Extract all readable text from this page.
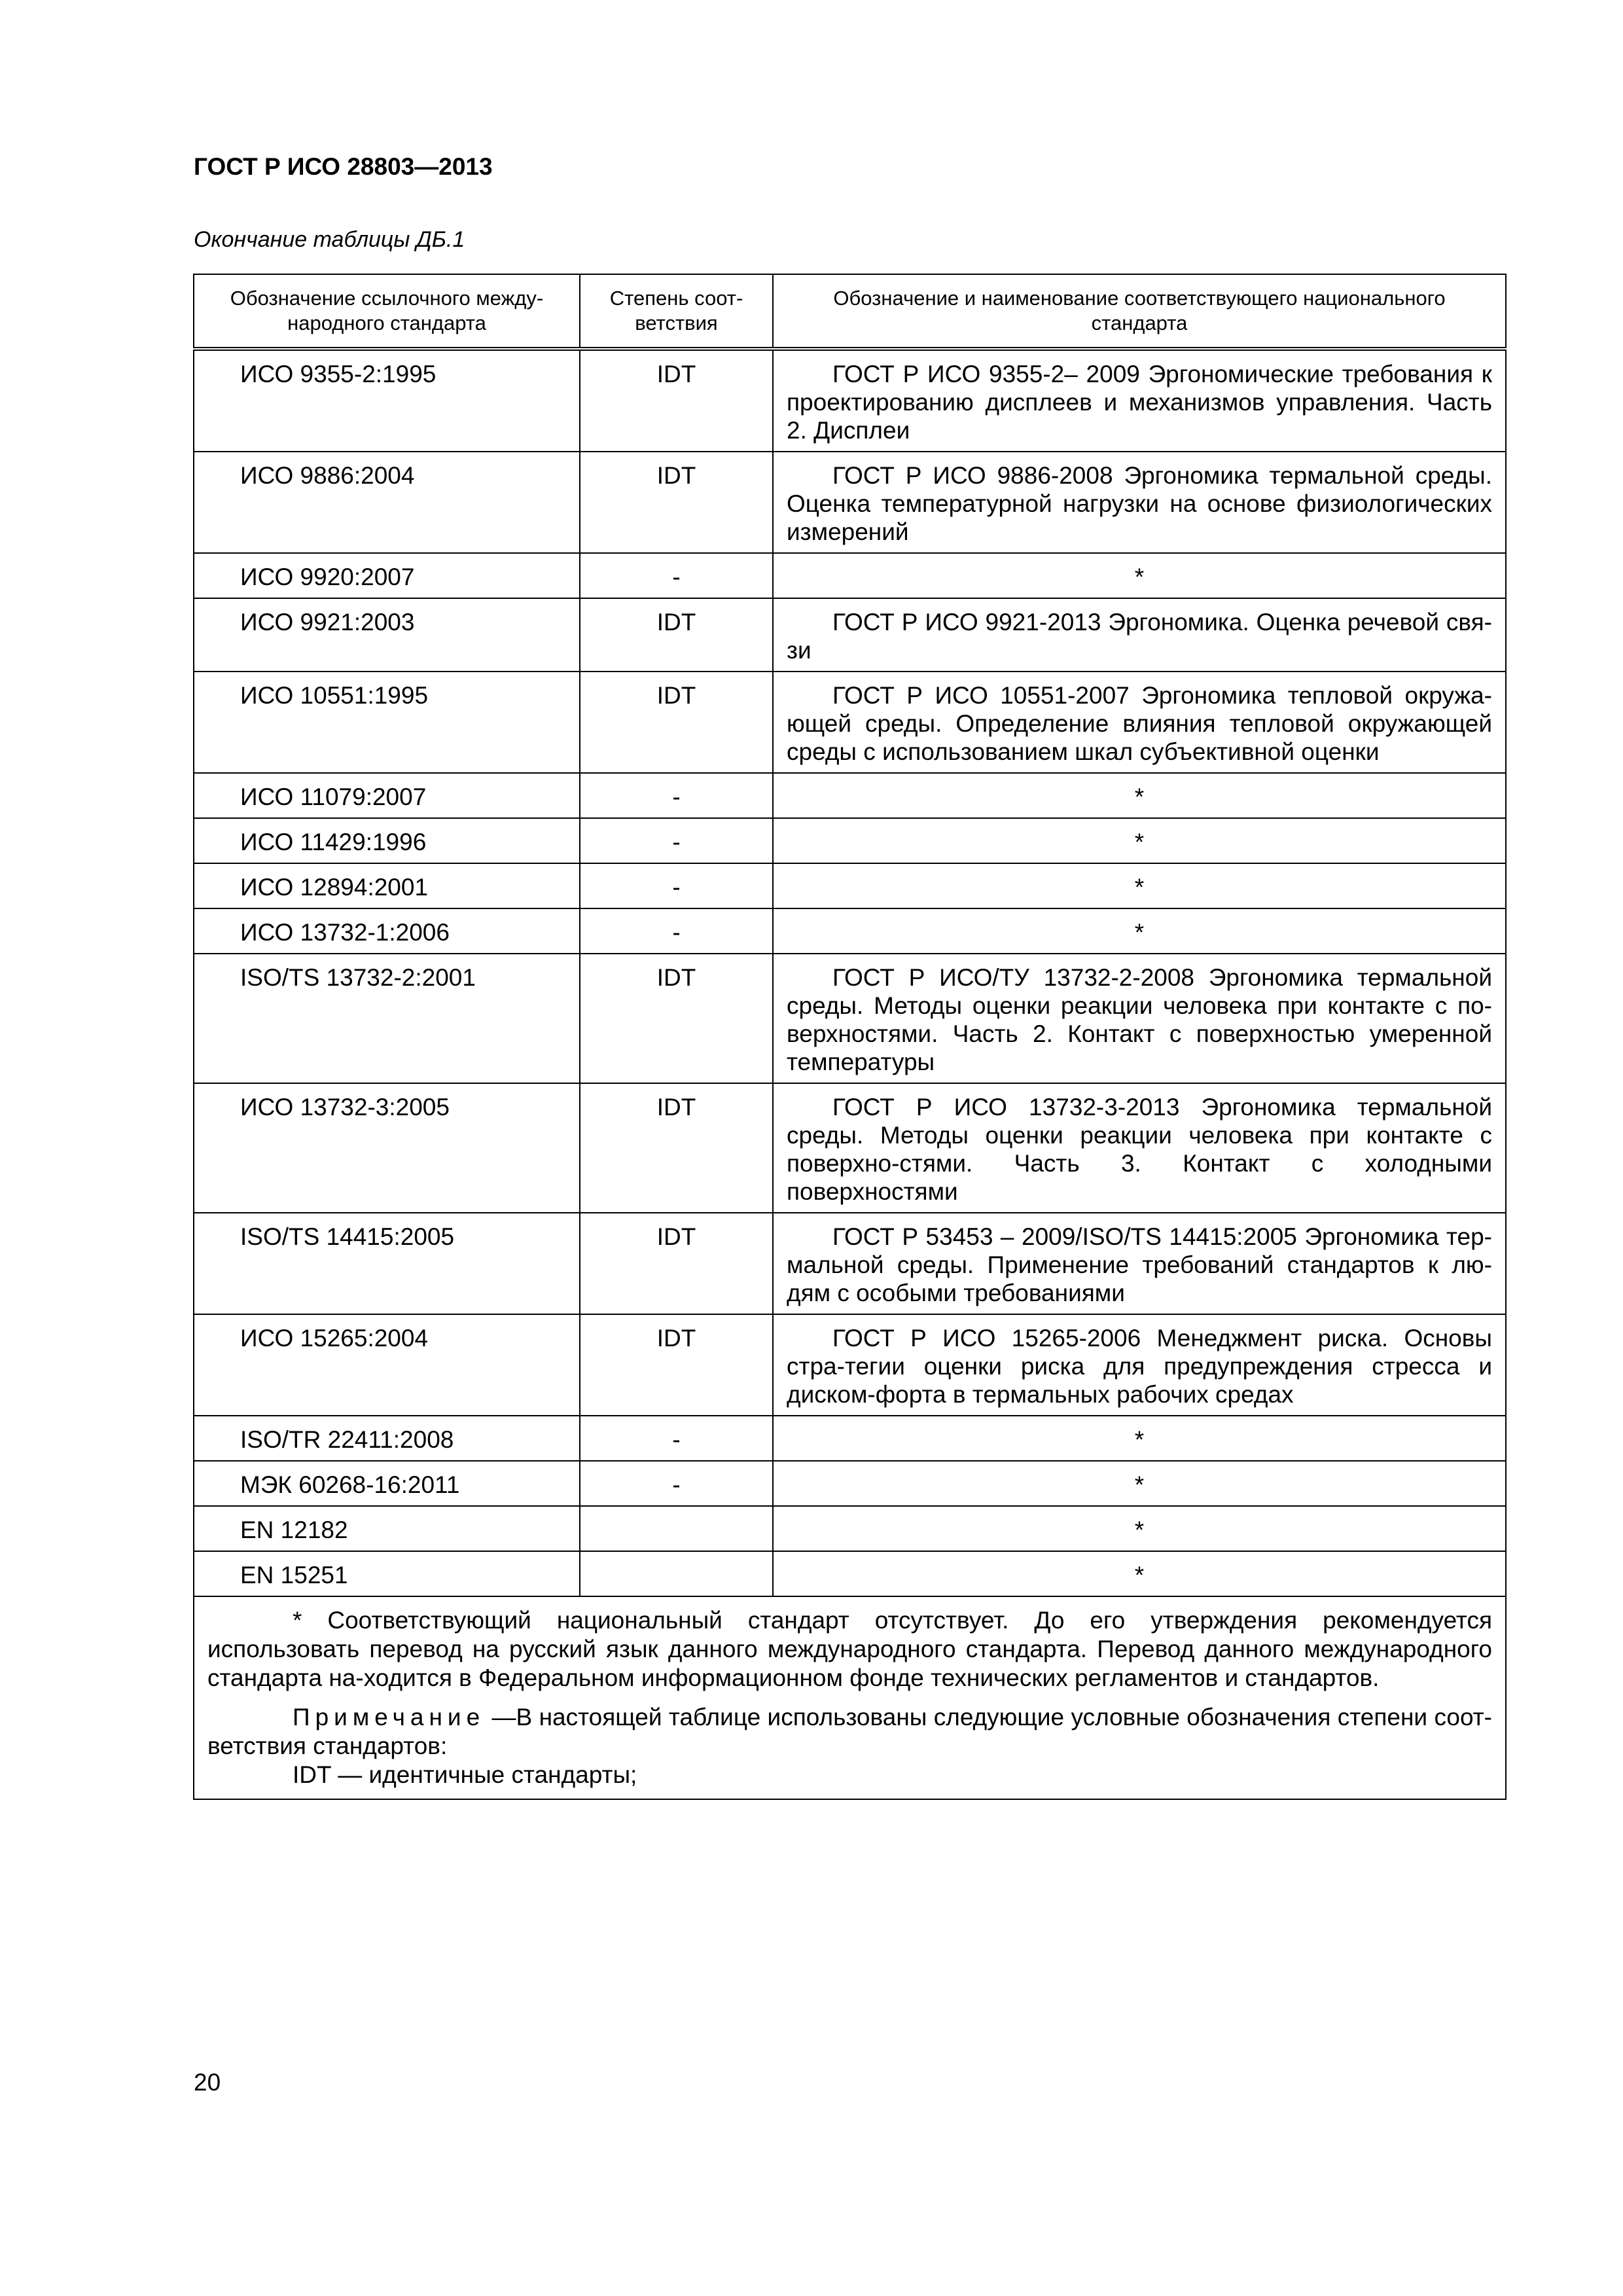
ГОСТ Р ИСО 28803—2013
Окончание таблицы ДБ.1
Обозначение ссылочного между-народного стандарта	Степень соот-ветствия	Обозначение и наименование соответствующего национального стандарта
ИСО 9355-2:1995	IDT	ГОСТ Р ИСО 9355-2– 2009 Эргономические требования к проектированию дисплеев и механизмов управления. Часть 2. Дисплеи

ИСО 9886:2004	IDT	ГОСТ Р ИСО 9886-2008 Эргономика термальной среды. Оценка температурной нагрузки на основе физиологических измерений

ИСО 9920:2007	-	*

ИСО 9921:2003	IDT	ГОСТ Р ИСО 9921-2013 Эргономика. Оценка речевой свя-зи

ИСО 10551:1995	IDT	ГОСТ Р ИСО 10551-2007 Эргономика тепловой окружа-ющей среды. Определение влияния тепловой окружающей среды с использованием шкал субъективной оценки

ИСО 11079:2007	-	*

ИСО 11429:1996	-	*

ИСО 12894:2001	-	*

ИСО 13732-1:2006	-	*

ISO/TS 13732-2:2001	IDT	ГОСТ Р ИСО/ТУ 13732-2-2008 Эргономика термальной среды. Методы оценки реакции человека при контакте с по-верхностями. Часть 2. Контакт с поверхностью умеренной температуры

ИСО 13732-3:2005	IDT	ГОСТ Р ИСО 13732-3-2013 Эргономика термальной среды. Методы оценки реакции человека при контакте с поверхно-стями. Часть 3. Контакт с холодными поверхностями

ISO/TS 14415:2005	IDT	ГОСТ Р 53453 – 2009/ISO/TS 14415:2005 Эргономика тер-мальной среды. Применение требований стандартов к лю-дям с особыми требованиями

ИСО 15265:2004	IDT	ГОСТ Р ИСО 15265-2006 Менеджмент риска. Основы стра-тегии оценки риска для предупреждения стресса и диском-форта в термальных рабочих средах

ISO/TR 22411:2008	-	*

МЭК 60268-16:2011	-	*

EN 12182		*

EN 15251		*

* Соответствующий национальный стандарт отсутствует. До его утверждения рекомендуется использовать перевод на русский язык данного международного стандарта. Перевод данного международного стандарта на-ходится в Федеральном информационном фонде технических регламентов и стандартов.

Примечание —В настоящей таблице использованы следующие условные обозначения степени соот-ветствия стандартов:

IDT — идентичные стандарты;		

20
